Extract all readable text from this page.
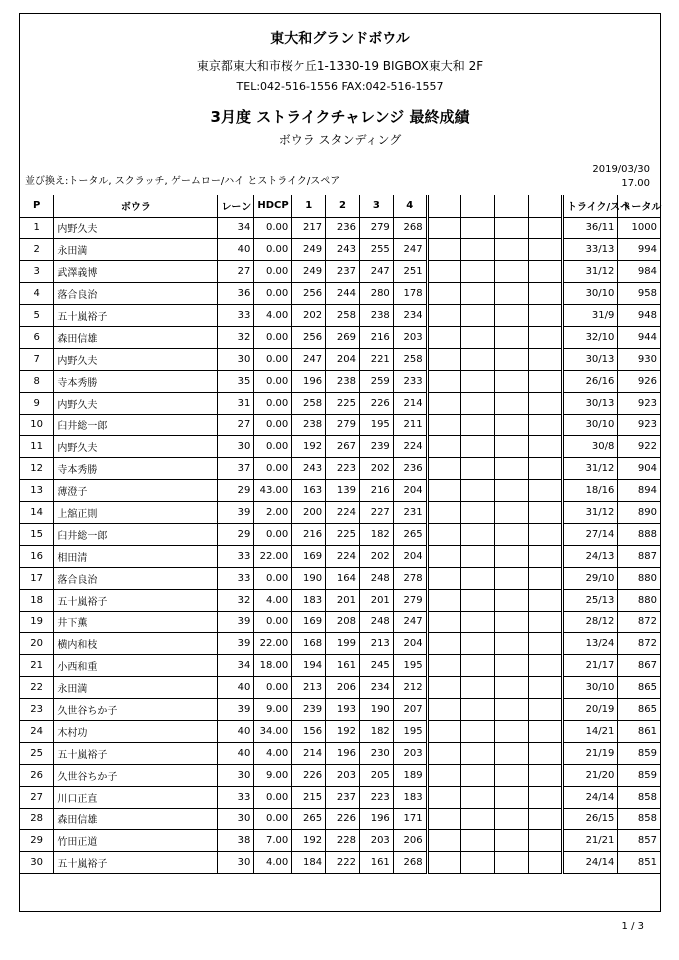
東大和グランドボウル
東京都東大和市桜ケ丘1-1330-19 BIGBOX東大和 2F
TEL:042-516-1556 FAX:042-516-1557
3月度 ストライクチャレンジ 最終成績
ボウラ スタンディング
並び換え:トータル, スクラッチ, ゲームロー/ハイ とストライク/スペア
2019/03/30
17.00
P	ボウラ	レーン	HDCP	1	2	3	4					トライク/スペ	トータル
1	内野久夫	34	0.00	217	236	279	268					36/11	1000
2	永田満	40	0.00	249	243	255	247					33/13	994
3	武澤義博	27	0.00	249	237	247	251					31/12	984
4	落合良治	36	0.00	256	244	280	178					30/10	958
5	五十嵐裕子	33	4.00	202	258	238	234					31/9	948
6	森田信雄	32	0.00	256	269	216	203					32/10	944
7	内野久夫	30	0.00	247	204	221	258					30/13	930
8	寺本秀勝	35	0.00	196	238	259	233					26/16	926
9	内野久夫	31	0.00	258	225	226	214					30/13	923
10	臼井総一郎	27	0.00	238	279	195	211					30/10	923
11	内野久夫	30	0.00	192	267	239	224					30/8	922
12	寺本秀勝	37	0.00	243	223	202	236					31/12	904
13	薄澄子	29	43.00	163	139	216	204					18/16	894
14	上舘正則	39	2.00	200	224	227	231					31/12	890
15	臼井総一郎	29	0.00	216	225	182	265					27/14	888
16	相田清	33	22.00	169	224	202	204					24/13	887
17	落合良治	33	0.00	190	164	248	278					29/10	880
18	五十嵐裕子	32	4.00	183	201	201	279					25/13	880
19	井下薫	39	0.00	169	208	248	247					28/12	872
20	横内和枝	39	22.00	168	199	213	204					13/24	872
21	小西和重	34	18.00	194	161	245	195					21/17	867
22	永田満	40	0.00	213	206	234	212					30/10	865
23	久世谷ちか子	39	9.00	239	193	190	207					20/19	865
24	木村功	40	34.00	156	192	182	195					14/21	861
25	五十嵐裕子	40	4.00	214	196	230	203					21/19	859
26	久世谷ちか子	30	9.00	226	203	205	189					21/20	859
27	川口正直	33	0.00	215	237	223	183					24/14	858
28	森田信雄	30	0.00	265	226	196	171					26/15	858
29	竹田正道	38	7.00	192	228	203	206					21/21	857
30	五十嵐裕子	30	4.00	184	222	161	268					24/14	851
1 / 3
